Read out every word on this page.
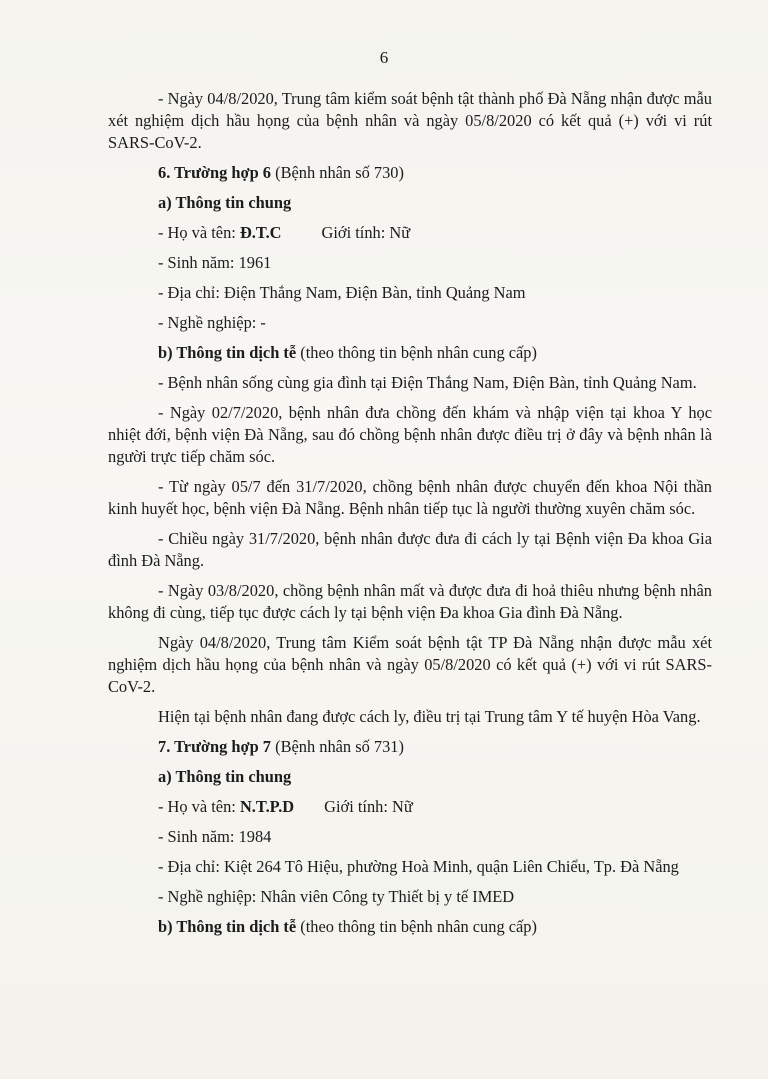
6

- Ngày 04/8/2020, Trung tâm kiểm soát bệnh tật thành phố Đà Nẵng nhận được mẫu xét nghiệm dịch hầu họng của bệnh nhân và ngày 05/8/2020 có kết quả (+) với vi rút SARS-CoV-2.

6. Trường hợp 6 (Bệnh nhân số 730)

a) Thông tin chung

- Họ và tên: Đ.T.C Giới tính: Nữ

- Sinh năm: 1961

- Địa chỉ: Điện Thắng Nam, Điện Bàn, tỉnh Quảng Nam

- Nghề nghiệp: -

b) Thông tin dịch tễ (theo thông tin bệnh nhân cung cấp)

- Bệnh nhân sống cùng gia đình tại Điện Thắng Nam, Điện Bàn, tỉnh Quảng Nam.

- Ngày 02/7/2020, bệnh nhân đưa chồng đến khám và nhập viện tại khoa Y học nhiệt đới, bệnh viện Đà Nẵng, sau đó chồng bệnh nhân được điều trị ở đây và bệnh nhân là người trực tiếp chăm sóc.

- Từ ngày 05/7 đến 31/7/2020, chồng bệnh nhân được chuyển đến khoa Nội thần kinh huyết học, bệnh viện Đà Nẵng. Bệnh nhân tiếp tục là người thường xuyên chăm sóc.

- Chiều ngày 31/7/2020, bệnh nhân được đưa đi cách ly tại Bệnh viện Đa khoa Gia đình Đà Nẵng.

- Ngày 03/8/2020, chồng bệnh nhân mất và được đưa đi hoả thiêu nhưng bệnh nhân không đi cùng, tiếp tục được cách ly tại bệnh viện Đa khoa Gia đình Đà Nẵng.

Ngày 04/8/2020, Trung tâm Kiểm soát bệnh tật TP Đà Nẵng nhận được mẫu xét nghiệm dịch hầu họng của bệnh nhân và ngày 05/8/2020 có kết quả (+) với vi rút SARS-CoV-2.

Hiện tại bệnh nhân đang được cách ly, điều trị tại Trung tâm Y tế huyện Hòa Vang.

7. Trường hợp 7 (Bệnh nhân số 731)

a) Thông tin chung

- Họ và tên: N.T.P.D Giới tính: Nữ

- Sinh năm: 1984

- Địa chỉ: Kiệt 264 Tô Hiệu, phường Hoà Minh, quận Liên Chiểu, Tp. Đà Nẵng

- Nghề nghiệp: Nhân viên Công ty Thiết bị y tế IMED

b) Thông tin dịch tễ (theo thông tin bệnh nhân cung cấp)
